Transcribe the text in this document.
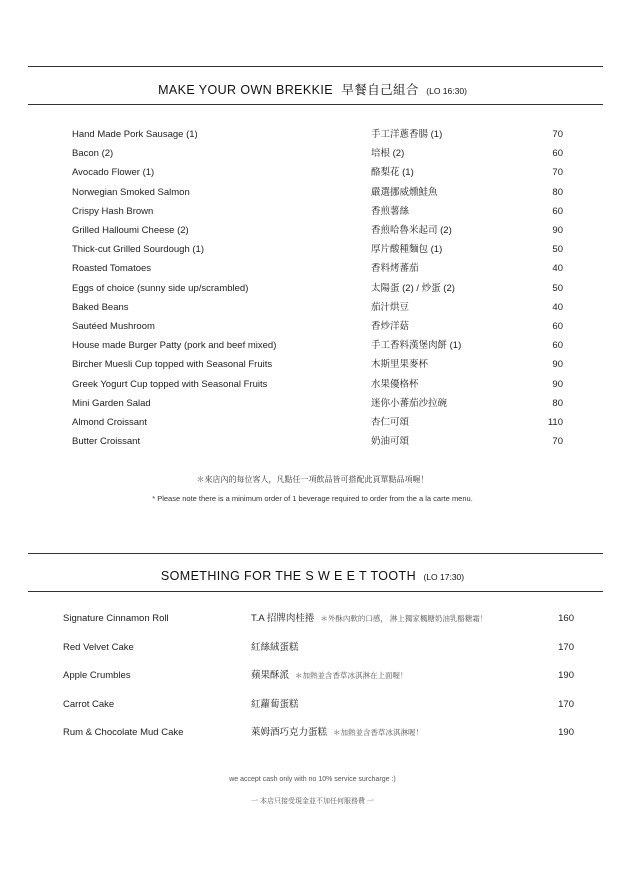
MAKE YOUR OWN BREKKIE 早餐自己組合 (LO 16:30)
Hand Made Pork Sausage (1)	手工洋蔥香腸 (1)	70
Bacon (2)	培根 (2)	60
Avocado Flower (1)	酪梨花 (1)	70
Norwegian Smoked Salmon	嚴選挪威燻鮭魚	80
Crispy Hash Brown	香煎薯絲	60
Grilled Halloumi Cheese (2)	香煎哈魯米起司 (2)	90
Thick-cut Grilled Sourdough (1)	厚片酸種麵包 (1)	50
Roasted Tomatoes	香料烤蕃茄	40
Eggs of choice (sunny side up/scrambled)	太陽蛋 (2) / 炒蛋 (2)	50
Baked Beans	茄汁烘豆	40
Sautéed Mushroom	香炒洋菇	60
House made Burger Patty (pork and beef mixed)	手工香料漢堡肉餅 (1)	60
Bircher Muesli Cup topped with Seasonal Fruits	木斯里果麥杯	90
Greek Yogurt Cup topped with Seasonal Fruits	水果優格杯	90
Mini Garden Salad	迷你小蕃茄沙拉碗	80
Almond Croissant	杏仁可頌	110
Butter Croissant	奶油可頌	70
＊來店內的每位客人，凡點任一項飲品皆可搭配此頁單點品項喔！
* Please note there is a minimum order of 1 beverage required to order from the a la carte menu.
SOMETHING FOR THE S W E E T TOOTH (LO 17:30)
Signature Cinnamon Roll	T.A 招牌肉桂捲 ＊外酥內軟的口感， 淋上獨家楓糖奶油乳酪糖霜！	160
Red Velvet Cake	紅絲絨蛋糕	170
Apple Crumbles	蘋果酥派 ＊加熱並含香草冰淇淋在上面喔！	190
Carrot Cake	紅蘿蔔蛋糕	170
Rum & Chocolate Mud Cake	萊姆酒巧克力蛋糕 ＊加熱並含香草冰淇淋喔！	190
we accept cash only with no 10% service surcharge :)
一 本店只接受現金並不加任何服務費 一
